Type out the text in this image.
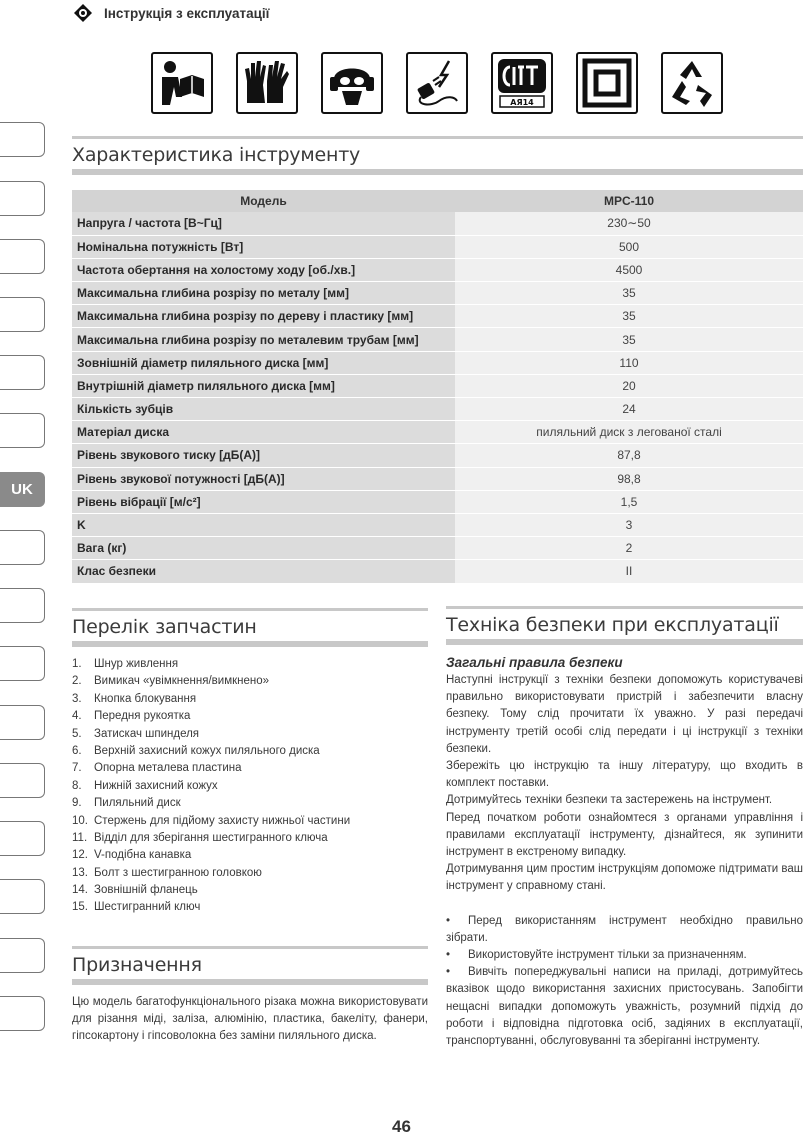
Інструкція з експлуатації
АЯ14
UK
Характеристика інструменту
Модель	MPC-110
Напруга / частота [В~Гц]	230∼50
Номінальна потужність [Вт]	500
Частота обертання на холостому ходу [об./хв.]	4500
Максимальна глибина розрізу по металу [мм]	35
Максимальна глибина розрізу по дереву і пластику [мм]	35
Максимальна глибина розрізу по металевим трубам [мм]	35
Зовнішній діаметр пиляльного диска [мм]	110
Внутрішній діаметр пиляльного диска [мм]	20
Кількість зубців	24
Матеріал диска	пиляльний диск з легованої сталі
Рівень звукового тиску [дБ(А)]	87,8
Рівень звукової потужності [дБ(А)]	98,8
Рівень вібрації [м/с²]	1,5
K	3
Вага (кг)	2
Клас безпеки	II
Перелік запчастин
1.	Шнур живлення
2.	Вимикач «увімкнення/вимкнено»
3.	Кнопка блокування
4.	Передня рукоятка
5.	Затискач шпинделя
6.	Верхній захисний кожух пиляльного диска
7.	Опорна металева пластина
8.	Нижній захисний кожух
9.	Пиляльний диск
10. Стержень для підйому захисту нижньої частини
11. Відділ для зберігання шестигранного ключа
12. V-подібна канавка
13. Болт з шестигранною головкою
14. Зовнішній фланець
15. Шестигранний ключ
Призначення

Цю модель багатофункціонального різака можна використовувати для різання міді, заліза, алюмінію, пластика, бакеліту, фанери, гіпсокартону і гіпсоволокна без заміни пиляльного диска.

Техніка безпеки при експлуатації
Загальні правила безпеки

Наступні інструкції з техніки безпеки допоможуть користувачеві правильно використовувати пристрій і забезпечити власну безпеку. Тому слід прочитати їх уважно. У разі передачі інструменту третій особі слід передати і ці інструкції з техніки безпеки.

Збережіть цю інструкцію та іншу літературу, що входить в комплект поставки.

Дотримуйтесь техніки безпеки та застережень на інструмент.

Перед початком роботи ознайомтеся з органами управління і правилами експлуатації інструменту, дізнайтеся, як зупинити інструмент в екстреному випадку.

Дотримування цим простим інструкціям допоможе підтримати ваш інструмент у справному стані.

• Перед використанням інструмент необхідно правильно зібрати.

• Використовуйте інструмент тільки за призначенням.

• Вивчіть попереджувальні написи на приладі, дотримуйтесь вказівок щодо використання захисних пристосувань. Запобігти нещасні випадки допоможуть уважність, розумний підхід до роботи і відповідна підготовка осіб, задіяних в експлуатації, транспортуванні, обслуговуванні та зберіганні інструменту.

46
